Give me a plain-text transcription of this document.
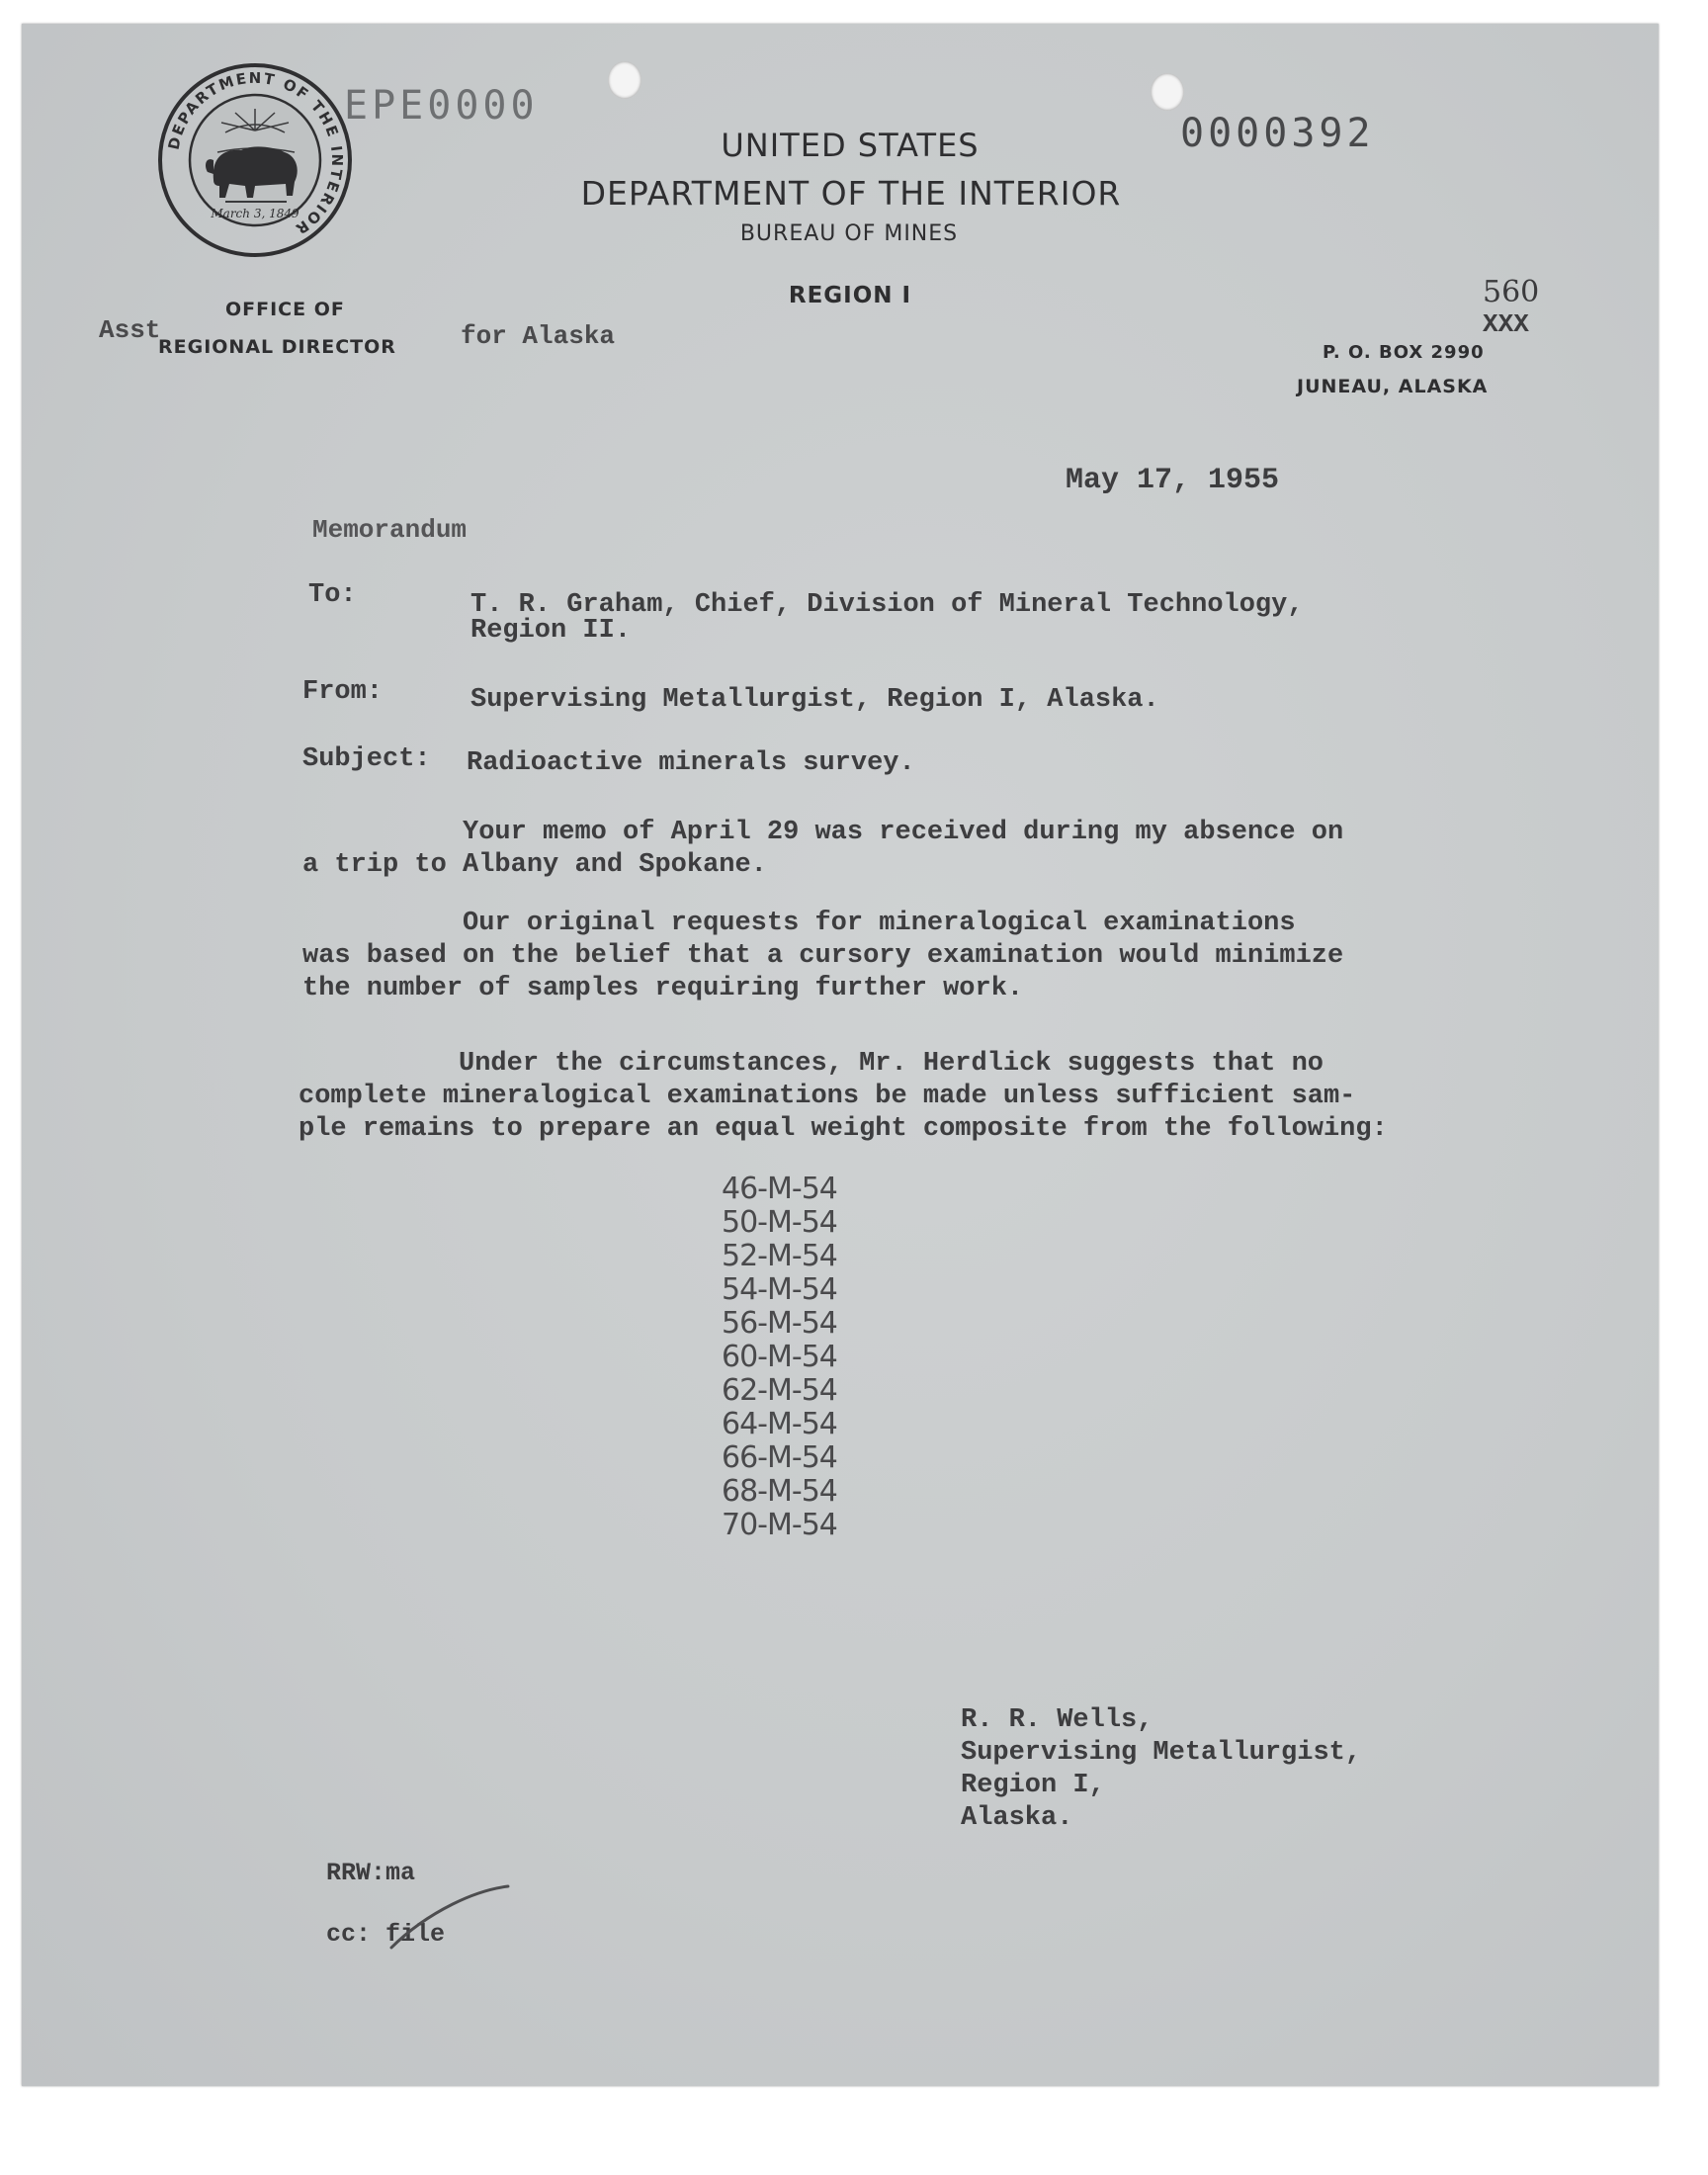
DEPARTMENT OF THE INTERIOR
March 3, 1849
EPE0000
0000392
UNITED STATES
DEPARTMENT OF THE INTERIOR
BUREAU OF MINES
REGION I
OFFICE OF
Asst
REGIONAL DIRECTOR	for Alaska
560
XXX
P. O. BOX 2990
JUNEAU, ALASKA
May 17, 1955
Memorandum
To:	T. R. Graham, Chief, Division of Mineral Technology,
Region II.
From:	Supervising Metallurgist, Region I, Alaska.
Subject: Radioactive minerals survey.
Your memo of April 29 was received during my absence on
a trip to Albany and Spokane.
Our original requests for mineralogical examinations
was based on the belief that a cursory examination would minimize
the number of samples requiring further work.
Under the circumstances, Mr. Herdlick suggests that no
complete mineralogical examinations be made unless sufficient sam-
ple remains to prepare an equal weight composite from the following:
46-M-54
50-M-54
52-M-54
54-M-54
56-M-54
60-M-54
62-M-54
64-M-54
66-M-54
68-M-54
70-M-54
R. R. Wells,
Supervising Metallurgist,
Region I,
Alaska.
RRW:ma
cc: file
